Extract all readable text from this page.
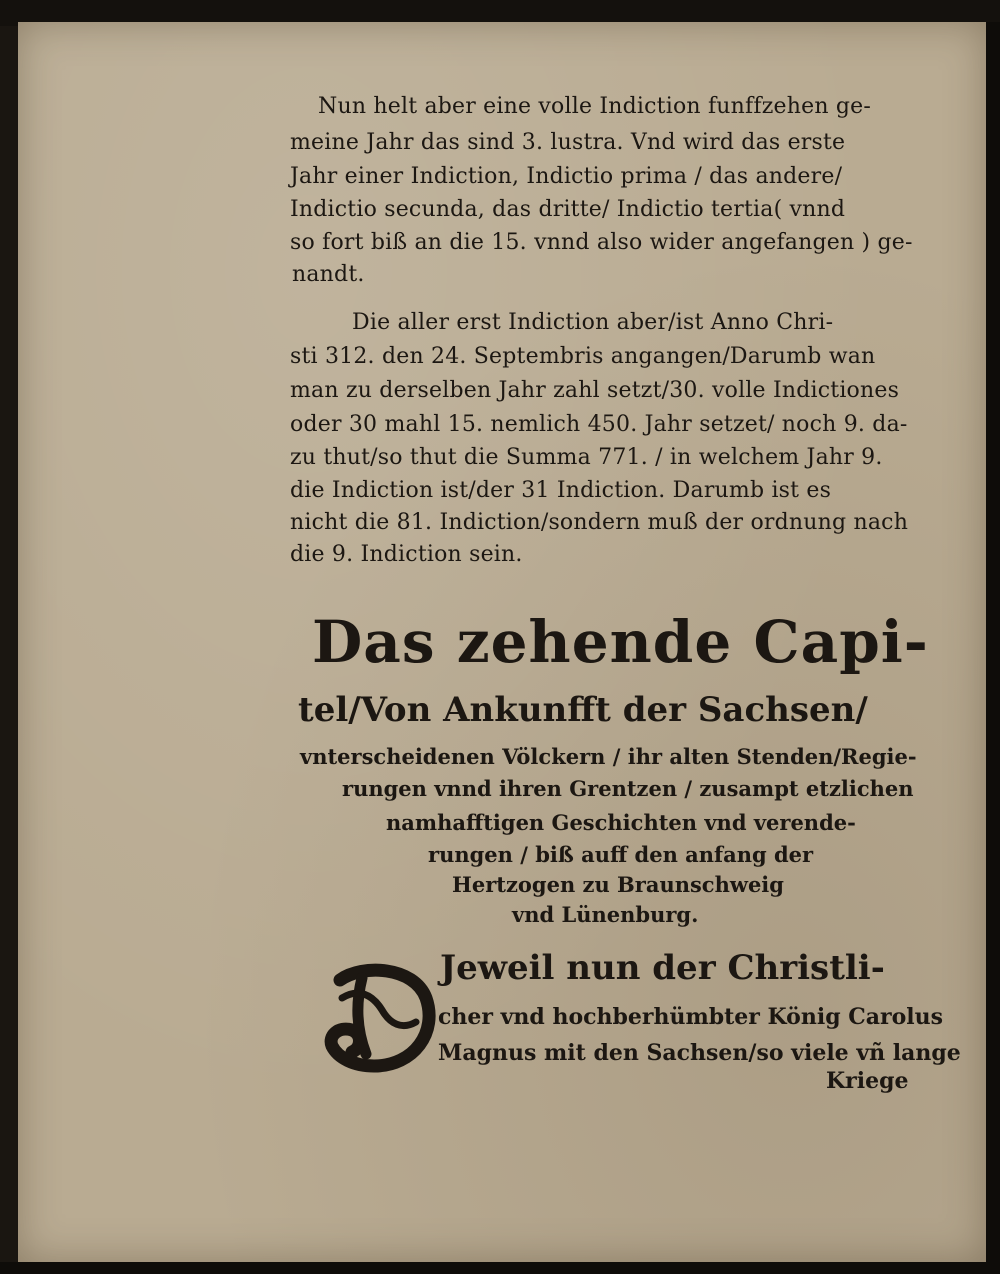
Nun helt aber eine volle Indiction funffzehen ge-
meine Jahr das sind 3. lustra. Vnd wird das erste
Jahr einer Indiction, Indictio prima / das andere/
Indictio secunda, das dritte/ Indictio tertia( vnnd
so fort biß an die 15. vnnd also wider angefangen ) ge-
nandt.
Die aller erst Indiction aber/ist Anno Chri-
sti 312. den 24. Septembris angangen/Darumb wan
man zu derselben Jahr zahl setzt/30. volle Indictiones
oder 30 mahl 15. nemlich 450. Jahr setzet/ noch 9. da-
zu thut/so thut die Summa 771. / in welchem Jahr 9.
die Indiction ist/der 31 Indiction. Darumb ist es
nicht die 81. Indiction/sondern muß der ordnung nach
die 9. Indiction sein.
Das zehende Capi-
tel/Von Ankunfft der Sachsen/
vnterscheidenen Völckern / ihr alten Stenden/Regie-
rungen vnnd ihren Grentzen / zusampt etzlichen
namhafftigen Geschichten vnd verende-
rungen / biß auff den anfang der
Hertzogen zu Braunschweig
vnd Lünenburg.
Jeweil nun der Christli-
cher vnd hochberhümbter König Carolus
Magnus mit den Sachsen/so viele vñ lange
Kriege
